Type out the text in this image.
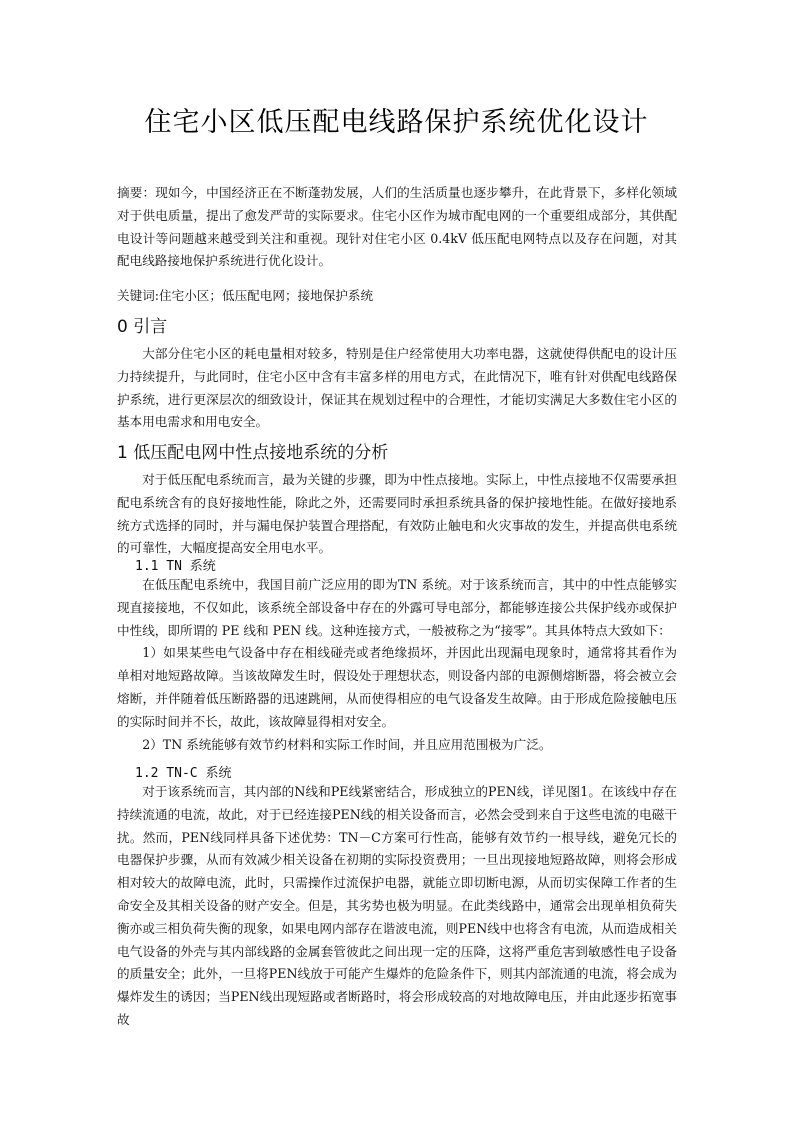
住宅小区低压配电线路保护系统优化设计

摘要：现如今，中国经济正在不断蓬勃发展，人们的生活质量也逐步攀升，在此背景下，多样化领域对于供电质量，提出了愈发严苛的实际要求。住宅小区作为城市配电网的一个重要组成部分，其供配电设计等问题越来越受到关注和重视。现针对住宅小区 0.4kV 低压配电网特点以及存在问题，对其配电线路接地保护系统进行优化设计。

关键词:住宅小区；低压配电网；接地保护系统

0 引言

大部分住宅小区的耗电量相对较多，特别是住户经常使用大功率电器，这就使得供配电的设计压力持续提升，与此同时，住宅小区中含有丰富多样的用电方式，在此情况下，唯有针对供配电线路保护系统，进行更深层次的细致设计，保证其在规划过程中的合理性，才能切实满足大多数住宅小区的基本用电需求和用电安全。

1 低压配电网中性点接地系统的分析

对于低压配电系统而言，最为关键的步骤，即为中性点接地。实际上，中性点接地不仅需要承担配电系统含有的良好接地性能，除此之外，还需要同时承担系统具备的保护接地性能。在做好接地系统方式选择的同时，并与漏电保护装置合理搭配，有效防止触电和火灾事故的发生，并提高供电系统的可靠性，大幅度提高安全用电水平。

1.1 TN 系统

在低压配电系统中，我国目前广泛应用的即为TN 系统。对于该系统而言，其中的中性点能够实现直接接地，不仅如此，该系统全部设备中存在的外露可导电部分，都能够连接公共保护线亦或保护中性线，即所谓的 PE 线和 PEN 线。这种连接方式，一般被称之为“接零”。其具体特点大致如下：

1）如果某些电气设备中存在相线碰壳或者绝缘损坏，并因此出现漏电现象时，通常将其看作为单相对地短路故障。当该故障发生时，假设处于理想状态，则设备内部的电源侧熔断器，将会被立会熔断，并伴随着低压断路器的迅速跳闸，从而使得相应的电气设备发生故障。由于形成危险接触电压的实际时间并不长，故此，该故障显得相对安全。

2）TN 系统能够有效节约材料和实际工作时间，并且应用范围极为广泛。

1.2 TN-C 系统

对于该系统而言，其内部的N线和PE线紧密结合，形成独立的PEN线，详见图1。在该线中存在持续流通的电流，故此，对于已经连接PEN线的相关设备而言，必然会受到来自于这些电流的电磁干扰。然而，PEN线同样具备下述优势：TN－C方案可行性高，能够有效节约一根导线，避免冗长的电器保护步骤，从而有效减少相关设备在初期的实际投资费用；一旦出现接地短路故障，则将会形成相对较大的故障电流，此时，只需操作过流保护电器，就能立即切断电源，从而切实保障工作者的生命安全及其相关设备的财产安全。但是，其劣势也极为明显。在此类线路中，通常会出现单相负荷失衡亦或三相负荷失衡的现象，如果电网内部存在谐波电流，则PEN线中也将含有电流，从而造成相关电气设备的外壳与其内部线路的金属套管彼此之间出现一定的压降，这将严重危害到敏感性电子设备的质量安全；此外，一旦将PEN线放于可能产生爆炸的危险条件下，则其内部流通的电流，将会成为爆炸发生的诱因；当PEN线出现短路或者断路时，将会形成较高的对地故障电压，并由此逐步拓宽事故
